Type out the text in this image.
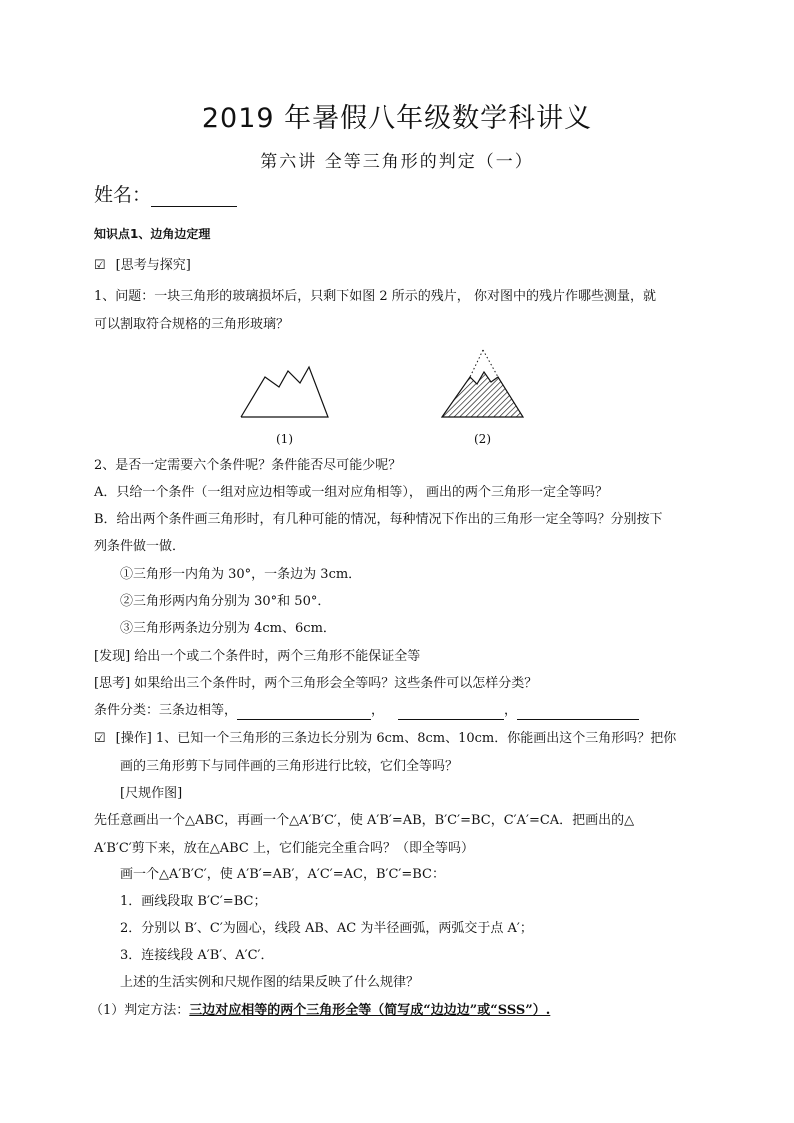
2019 年暑假八年级数学科讲义
第六讲 全等三角形的判定（一）
姓名：
知识点1、边角边定理
☑ [思考与探究]
1、问题：一块三角形的玻璃损坏后，只剩下如图 2 所示的残片， 你对图中的残片作哪些测量，就
可以割取符合规格的三角形玻璃？
(1)	(2)
2、是否一定需要六个条件呢？条件能否尽可能少呢？
A．只给一个条件（一组对应边相等或一组对应角相等）， 画出的两个三角形一定全等吗？
B．给出两个条件画三角形时，有几种可能的情况，每种情况下作出的三角形一定全等吗？分别按下
列条件做一做．
①三角形一内角为 30°，一条边为 3cm．
②三角形两内角分别为 30°和 50°．
③三角形两条边分别为 4cm、6cm．
[发现] 给出一个或二个条件时，两个三角形不能保证全等
[思考] 如果给出三个条件时，两个三角形会全等吗？这些条件可以怎样分类？
条件分类：三条边相等，	，	，
☑ [操作] 1、已知一个三角形的三条边长分别为 6cm、8cm、10cm．你能画出这个三角形吗？把你
画的三角形剪下与同伴画的三角形进行比较，它们全等吗？
[尺规作图]
先任意画出一个△ABC，再画一个△A′B′C′，使 A′B′=AB，B′C′=BC，C′A′=CA．把画出的△
A′B′C′剪下来，放在△ABC 上，它们能完全重合吗？（即全等吗）
画一个△A′B′C′，使 A′B′=AB′，A′C′=AC，B′C′=BC：
1．画线段取 B′C′=BC；
2．分别以 B′、C′为圆心，线段 AB、AC 为半径画弧，两弧交于点 A′；
3．连接线段 A′B′、A′C′．
上述的生活实例和尺规作图的结果反映了什么规律？
（1）判定方法：三边对应相等的两个三角形全等（简写成“边边边”或“SSS”）.
